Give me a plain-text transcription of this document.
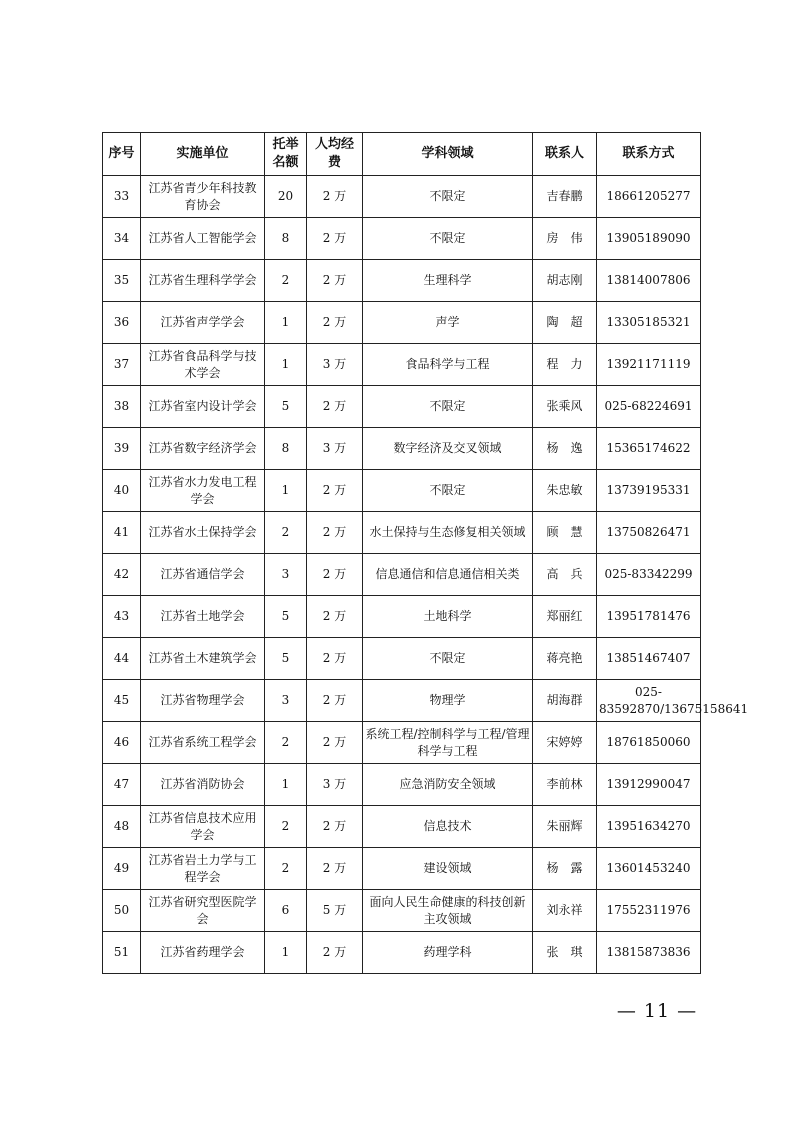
序号	实施单位	托举名额	人均经费	学科领域	联系人	联系方式
33	江苏省青少年科技教育协会	20	2 万	不限定	吉春鹏	18661205277
34	江苏省人工智能学会	8	2 万	不限定	房　伟	13905189090
35	江苏省生理科学学会	2	2 万	生理科学	胡志刚	13814007806
36	江苏省声学学会	1	2 万	声学	陶　超	13305185321
37	江苏省食品科学与技术学会	1	3 万	食品科学与工程	程　力	13921171119
38	江苏省室内设计学会	5	2 万	不限定	张乘风	025-68224691
39	江苏省数字经济学会	8	3 万	数字经济及交叉领域	杨　逸	15365174622
40	江苏省水力发电工程学会	1	2 万	不限定	朱忠敏	13739195331
41	江苏省水土保持学会	2	2 万	水土保持与生态修复相关领域	顾　慧	13750826471
42	江苏省通信学会	3	2 万	信息通信和信息通信相关类	高　兵	025-83342299
43	江苏省土地学会	5	2 万	土地科学	郑丽红	13951781476
44	江苏省土木建筑学会	5	2 万	不限定	蒋亮艳	13851467407
45	江苏省物理学会	3	2 万	物理学	胡海群	025-83592870/13675158641
46	江苏省系统工程学会	2	2 万	系统工程/控制科学与工程/管理科学与工程	宋婷婷	18761850060
47	江苏省消防协会	1	3 万	应急消防安全领域	李前林	13912990047
48	江苏省信息技术应用学会	2	2 万	信息技术	朱丽辉	13951634270
49	江苏省岩土力学与工程学会	2	2 万	建设领域	杨　露	13601453240
50	江苏省研究型医院学会	6	5 万	面向人民生命健康的科技创新主攻领域	刘永祥	17552311976
51	江苏省药理学会	1	2 万	药理学科	张　琪	13815873836
— 11 —
